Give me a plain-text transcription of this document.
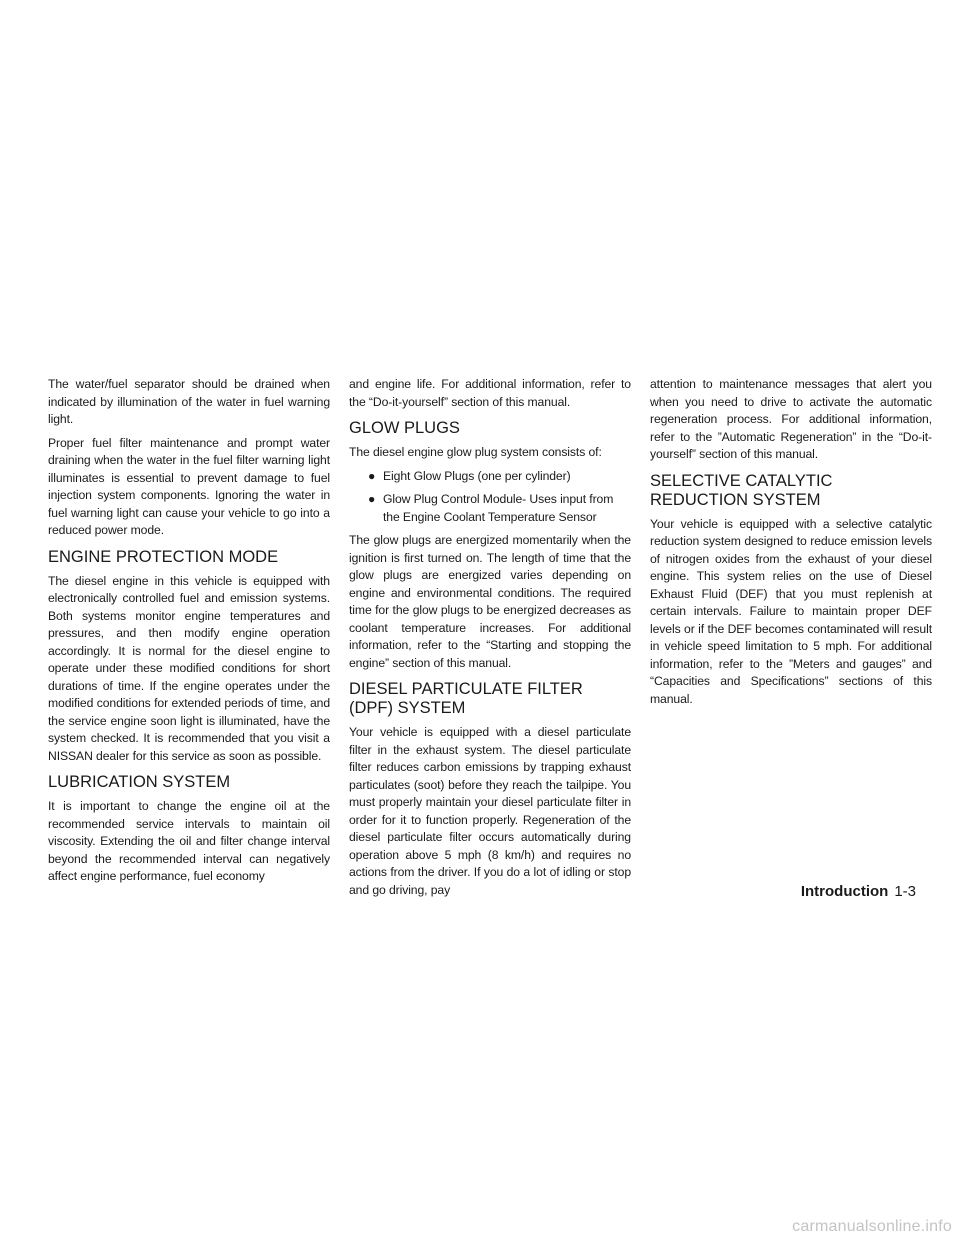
The water/fuel separator should be drained when indicated by illumination of the water in fuel warning light.

Proper fuel filter maintenance and prompt water draining when the water in the fuel filter warning light illuminates is essential to prevent damage to fuel injection system components. Ignoring the water in fuel warning light can cause your vehicle to go into a reduced power mode.

ENGINE PROTECTION MODE

The diesel engine in this vehicle is equipped with electronically controlled fuel and emission systems. Both systems monitor engine temperatures and pressures, and then modify engine operation accordingly. It is normal for the diesel engine to operate under these modified conditions for short durations of time. If the engine operates under the modified conditions for extended periods of time, and the service engine soon light is illuminated, have the system checked. It is recommended that you visit a NISSAN dealer for this service as soon as possible.

LUBRICATION SYSTEM

It is important to change the engine oil at the recommended service intervals to maintain oil viscosity. Extending the oil and filter change interval beyond the recommended interval can negatively affect engine performance, fuel economy

and engine life. For additional information, refer to the “Do-it-yourself” section of this manual.

GLOW PLUGS

The diesel engine glow plug system consists of:

● Eight Glow Plugs (one per cylinder)
● Glow Plug Control Module- Uses input from the Engine Coolant Temperature Sensor

The glow plugs are energized momentarily when the ignition is first turned on. The length of time that the glow plugs are energized varies depending on engine and environmental conditions. The required time for the glow plugs to be energized decreases as coolant temperature increases. For additional information, refer to the “Starting and stopping the engine” section of this manual.

DIESEL PARTICULATE FILTER (DPF) SYSTEM

Your vehicle is equipped with a diesel particulate filter in the exhaust system. The diesel particulate filter reduces carbon emissions by trapping exhaust particulates (soot) before they reach the tailpipe. You must properly maintain your diesel particulate filter in order for it to function properly. Regeneration of the diesel particulate filter occurs automatically during operation above 5 mph (8 km/h) and requires no actions from the driver. If you do a lot of idling or stop and go driving, pay

attention to maintenance messages that alert you when you need to drive to activate the automatic regeneration process. For additional information, refer to the ”Automatic Regeneration” in the “Do-it-yourself” section of this manual.

SELECTIVE CATALYTIC REDUCTION SYSTEM

Your vehicle is equipped with a selective catalytic reduction system designed to reduce emission levels of nitrogen oxides from the exhaust of your diesel engine. This system relies on the use of Diesel Exhaust Fluid (DEF) that you must replenish at certain intervals. Failure to maintain proper DEF levels or if the DEF becomes contaminated will result in vehicle speed limitation to 5 mph. For additional information, refer to the ”Meters and gauges” and “Capacities and Specifications” sections of this manual.

Introduction 1-3
carmanualsonline.info
